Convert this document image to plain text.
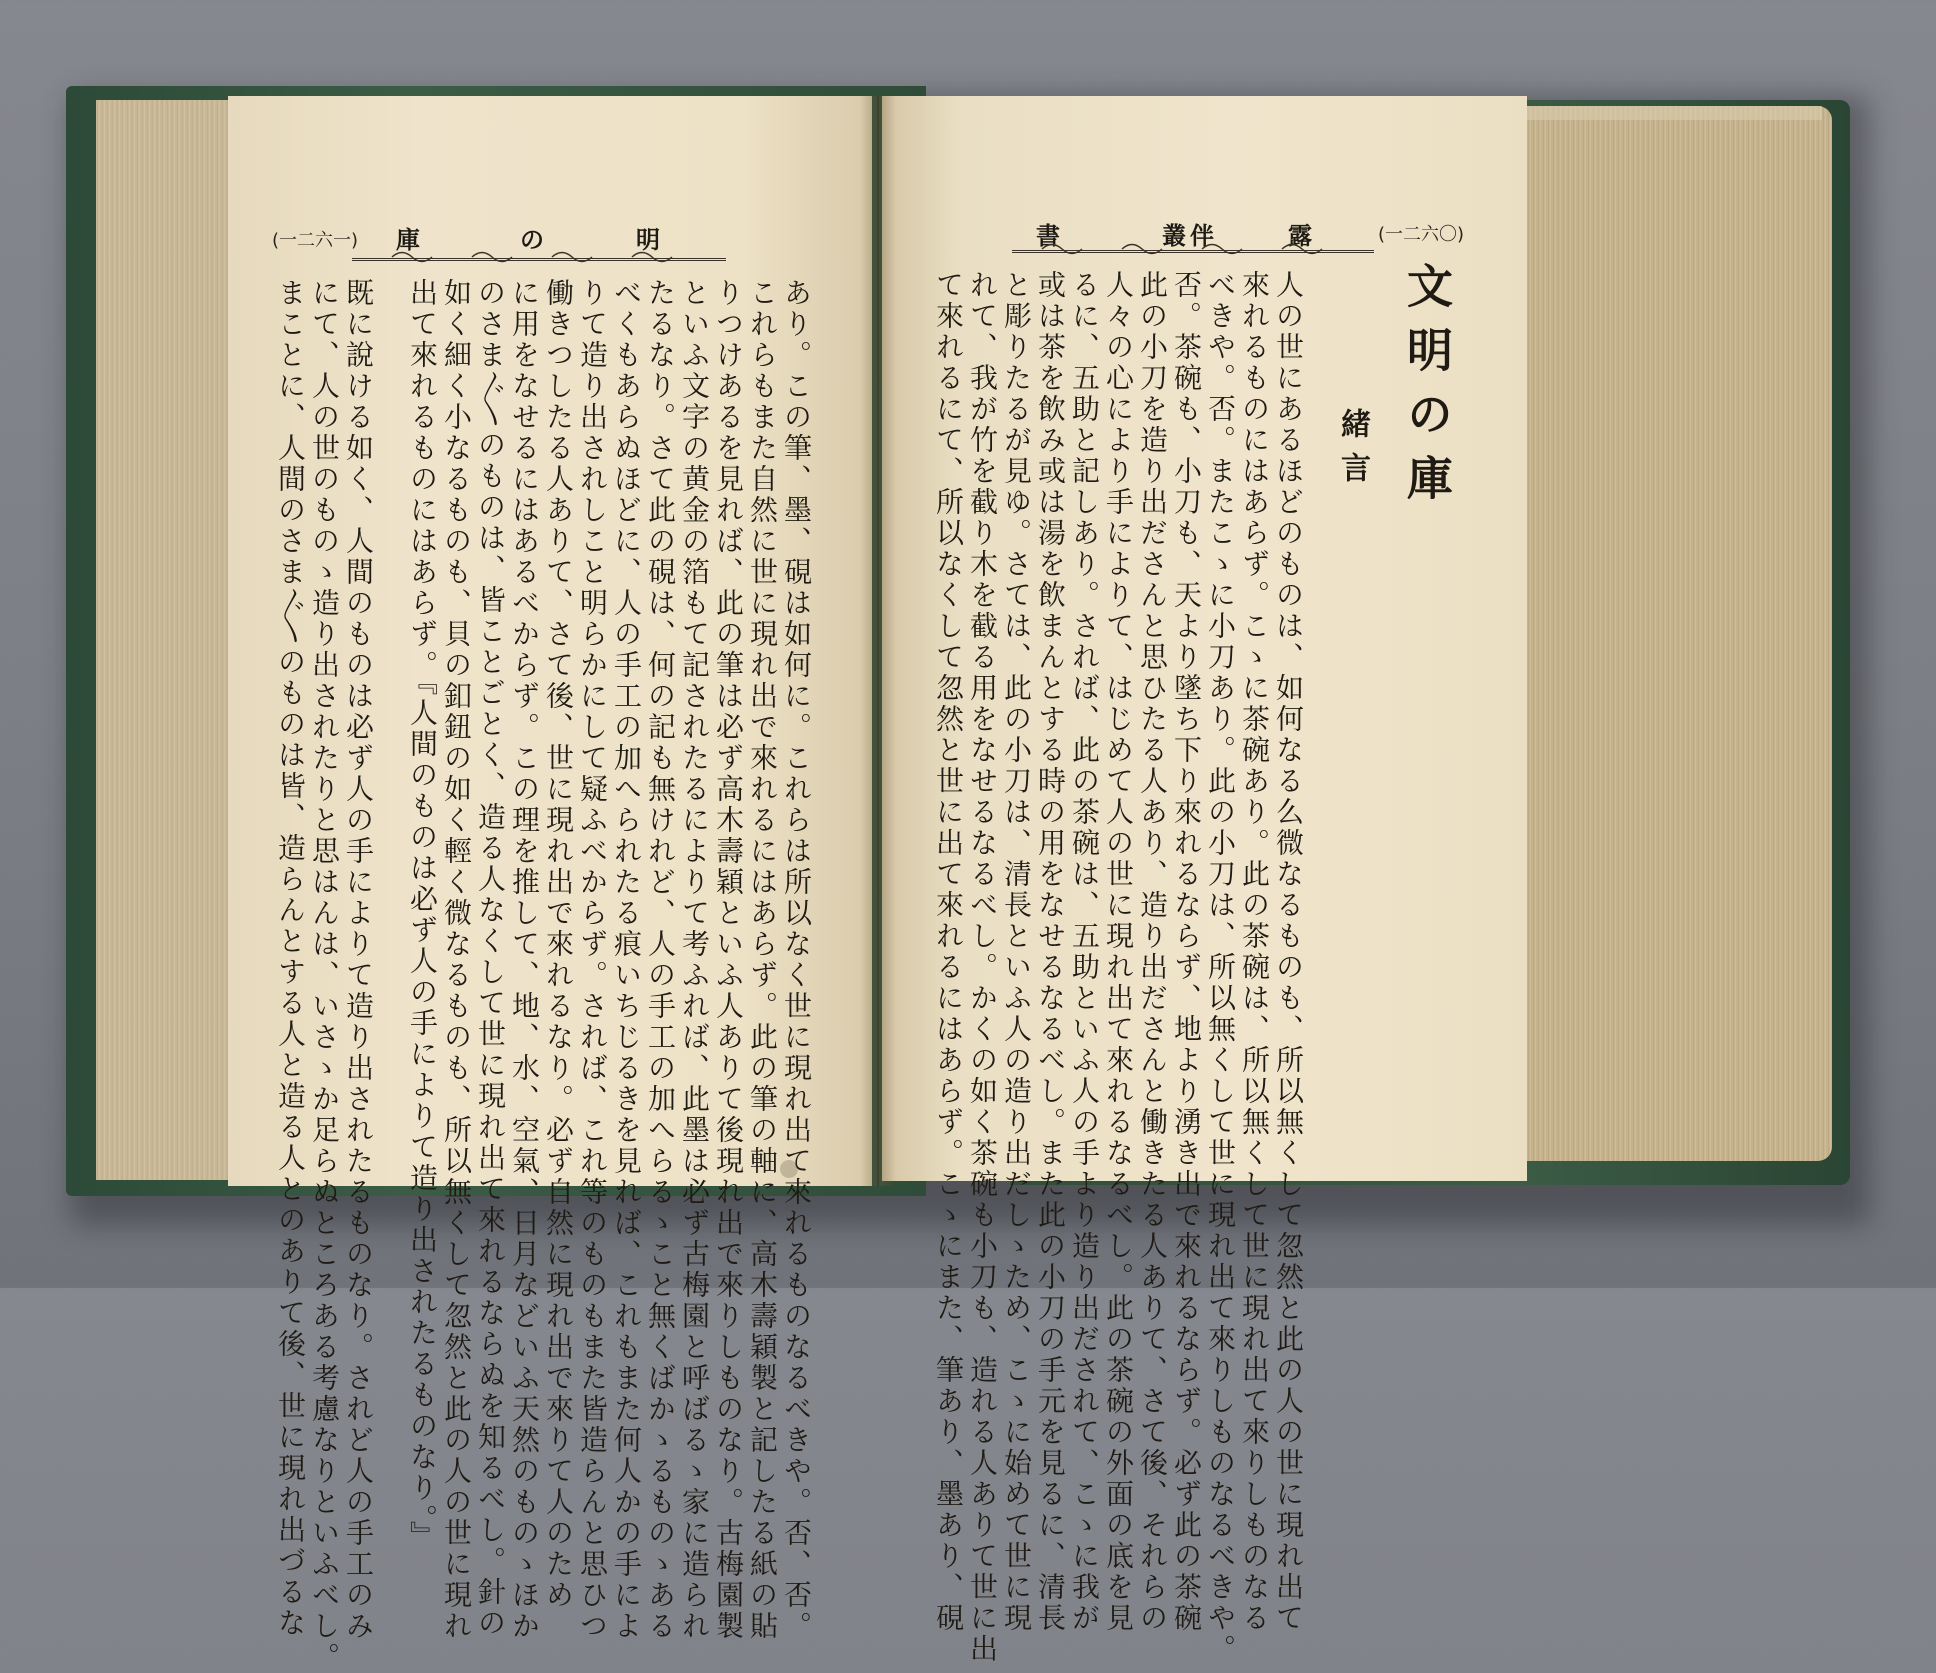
(一二六一) 庫	の	明	書	叢 伴	露	(一二六〇)
文明の庫
緒言
人の世にあるほどのものは、如何なる么微なるものも、所以無くして忽然と此の人の世に現れ出て
來れるものにはあらず。こゝに茶碗あり。此の茶碗は、所以無くして世に現れ出て來りしものなる
べきや。否。またこゝに小刀あり。此の小刀は、所以無くして世に現れ出て來りしものなるべきや。
否。茶碗も、小刀も、天より墜ち下り來れるならず、地より湧き出で來れるならず。必ず此の茶碗
此の小刀を造り出ださんと思ひたる人あり、造り出ださんと働きたる人ありて、さて後、それらの
人々の心により手によりて、はじめて人の世に現れ出て來れるなるべし。此の茶碗の外面の底を見
るに、五助と記しあり。されば、此の茶碗は、五助といふ人の手より造り出だされて、こゝに我が
或は茶を飲み或は湯を飲まんとする時の用をなせるなるべし。また此の小刀の手元を見るに、清長
と彫りたるが見ゆ。さては、此の小刀は、清長といふ人の造り出だしゝため、こゝに始めて世に現
れて、我が竹を截り木を截る用をなせるなるべし。かくの如く茶碗も小刀も、造れる人ありて世に出
て來れるにて、所以なくして忽然と世に出て來れるにはあらず。こゝにまた、筆あり、墨あり、硯
あり。この筆、墨、硯は如何に。これらは所以なく世に現れ出て來れるものなるべきや。否、否。
これらもまた自然に世に現れ出で來れるにはあらず。此の筆の軸に、高木壽穎製と記したる紙の貼
りつけあるを見れば、此の筆は必ず高木壽穎といふ人ありて後現れ出で來りしものなり。古梅園製
といふ文字の黄金の箔もて記されたるによりて考ふれば、此墨は必ず古梅園と呼ばるゝ家に造られ
たるなり。さて此の硯は、何の記も無けれど、人の手工の加へらるゝこと無くばかゝるものゝある
べくもあらぬほどに、人の手工の加へられたる痕いちじるきを見れば、これもまた何人かの手によ
りて造り出されしこと明らかにして疑ふべからず。されば、これ等のものもまた皆造らんと思ひつ
働きつしたる人ありて、さて後、世に現れ出で來れるなり。必ず自然に現れ出で來りて人のため
に用をなせるにはあるべからず。この理を推して、地、水、空氣、日月などいふ天然のものゝほか
のさま〴〵のものは、皆ことごとく、造る人なくして世に現れ出て來れるならぬを知るべし。針の
如く細く小なるものも、貝の釦鈕の如く輕く微なるものも、所以無くして忽然と此の人の世に現れ
出て來れるものにはあらず。『人間のものは必ず人の手によりて造り出されたるものなり。』
既に說ける如く、人間のものは必ず人の手によりて造り出されたるものなり。されど人の手工のみ
にて、人の世のものゝ造り出されたりと思はんは、いさゝか足らぬところある考慮なりといふべし。
まことに、人間のさま〴〵のものは皆、造らんとする人と造る人とのありて後、世に現れ出づるな
